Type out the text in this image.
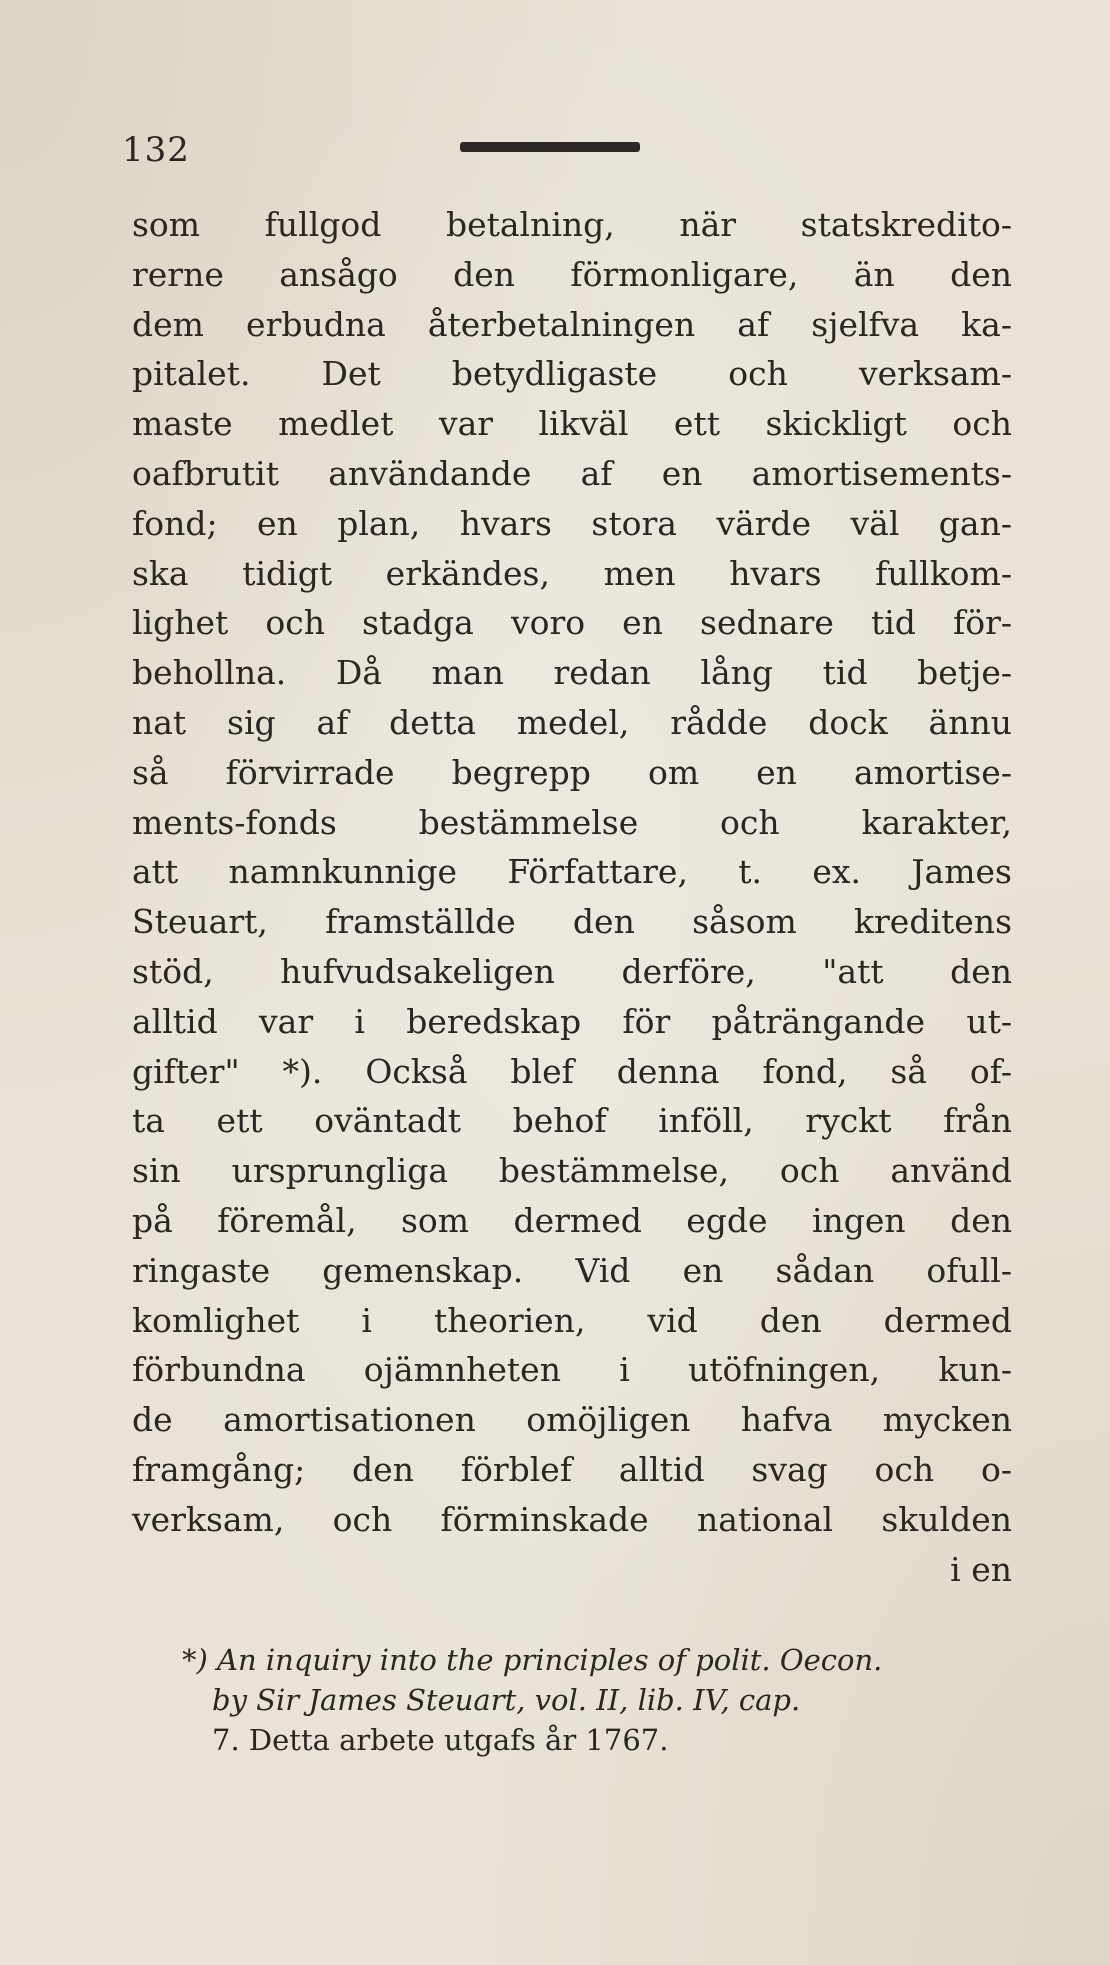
132
som fullgod betalning, när statskredito-
rerne ansågo den förmonligare, än den
dem erbudna återbetalningen af sjelfva ka-
pitalet. Det betydligaste och verksam-
maste medlet var likväl ett skickligt och
oafbrutit användande af en amortisements-
fond; en plan, hvars stora värde väl gan-
ska tidigt erkändes, men hvars fullkom-
lighet och stadga voro en sednare tid för-
behollna. Då man redan lång tid betje-
nat sig af detta medel, rådde dock ännu
så förvirrade begrepp om en amortise-
ments-fonds bestämmelse och karakter,
att namnkunnige Författare, t. ex. James
Steuart, framställde den såsom kreditens
stöd, hufvudsakeligen derföre, "att den
alltid var i beredskap för påträngande ut-
gifter" *). Också blef denna fond, så of-
ta ett oväntadt behof inföll, ryckt från
sin ursprungliga bestämmelse, och använd
på föremål, som dermed egde ingen den
ringaste gemenskap. Vid en sådan ofull-
komlighet i theorien, vid den dermed
förbundna ojämnheten i utöfningen, kun-
de amortisationen omöjligen hafva mycken
framgång; den förblef alltid svag och o-
verksam, och förminskade national skulden
i en
*) An inquiry into the principles of polit. Oecon.
by Sir James Steuart, vol. II, lib. IV, cap.
7. Detta arbete utgafs år 1767.
